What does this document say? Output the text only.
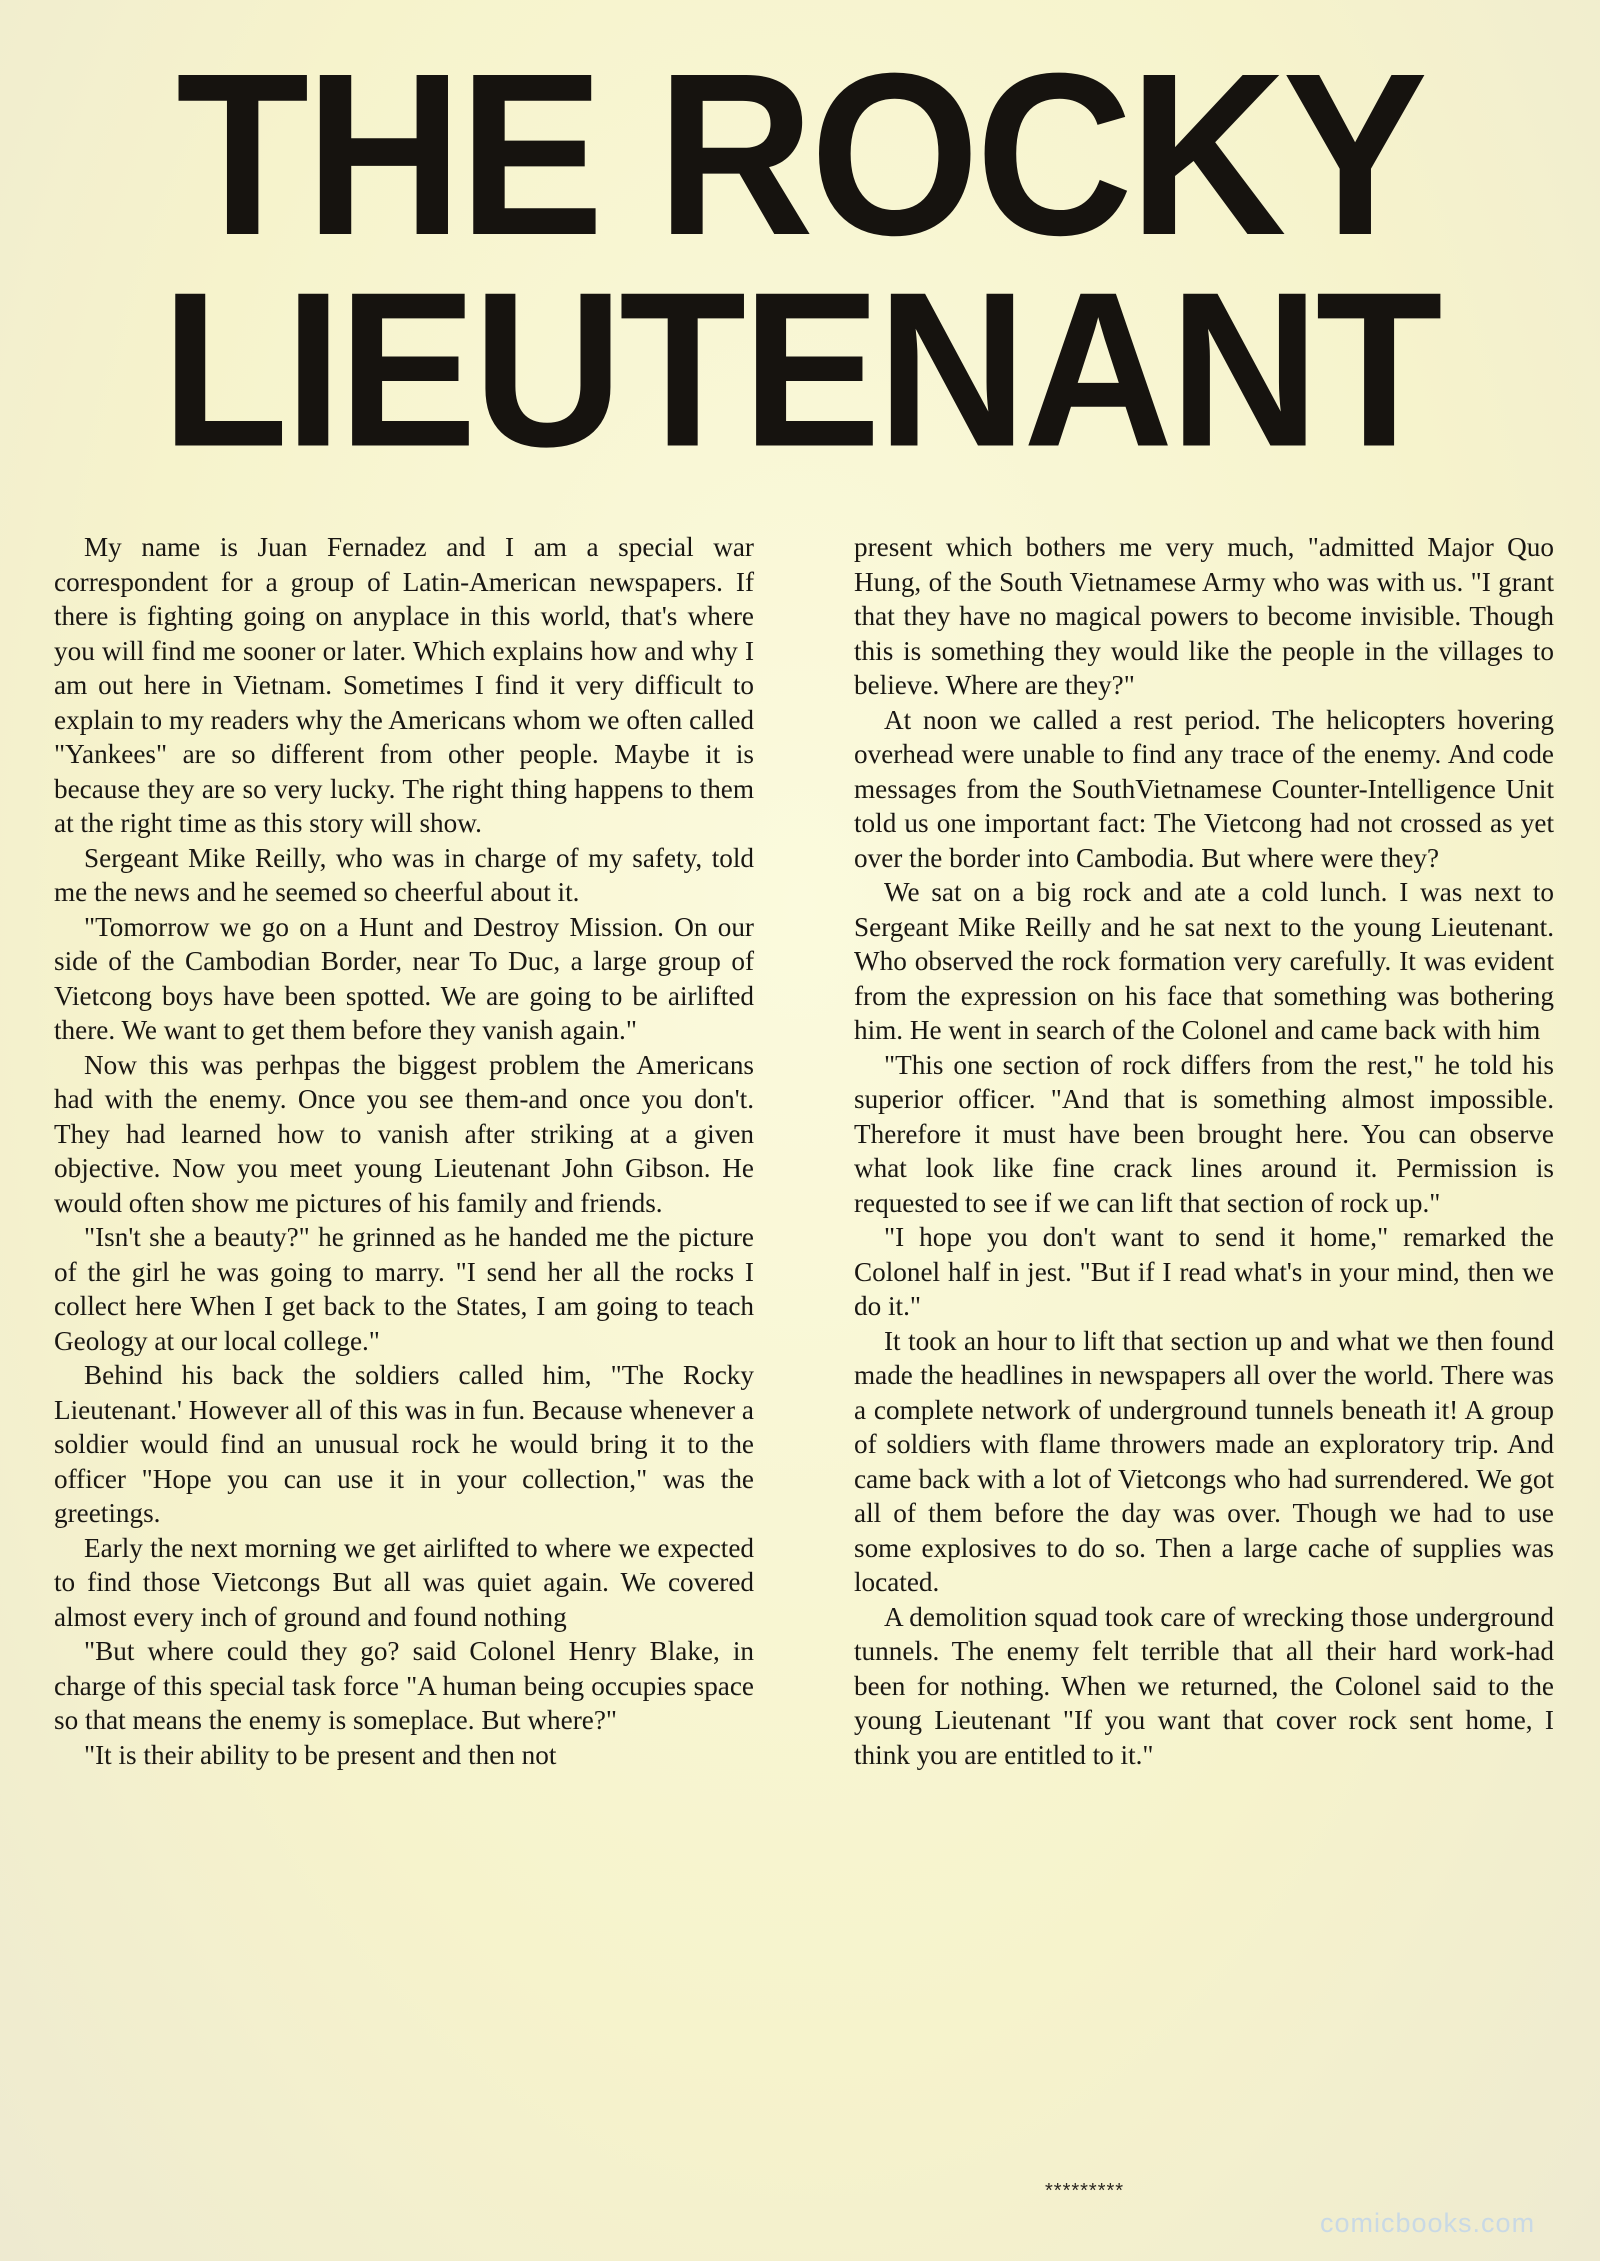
THE ROCKY
LIEUTENANT

My name is Juan Fernadez and I am a special war correspondent for a group of Latin-American newspapers. If there is fighting going on anyplace in this world, that's where you will find me sooner or later. Which explains how and why I am out here in Vietnam. Sometimes I find it very difficult to explain to my readers why the Americans whom we often called "Yankees" are so different from other people. Maybe it is because they are so very lucky. The right thing happens to them at the right time as this story will show.

Sergeant Mike Reilly, who was in charge of my safety, told me the news and he seemed so cheerful about it.

"Tomorrow we go on a Hunt and Destroy Mission. On our side of the Cambodian Border, near To Duc, a large group of Vietcong boys have been spotted. We are going to be airlifted there. We want to get them before they vanish again."

Now this was perhpas the biggest problem the Americans had with the enemy. Once you see them-and once you don't. They had learned how to vanish after striking at a given objective. Now you meet young Lieutenant John Gibson. He would often show me pictures of his family and friends.

"Isn't she a beauty?" he grinned as he handed me the picture of the girl he was going to marry. "I send her all the rocks I collect here When I get back to the States, I am going to teach Geology at our local college."

Behind his back the soldiers called him, "The Rocky Lieutenant.' However all of this was in fun. Because whenever a soldier would find an unusual rock he would bring it to the officer "Hope you can use it in your collection," was the greetings.

Early the next morning we get airlifted to where we expected to find those Vietcongs But all was quiet again. We covered almost every inch of ground and found nothing

"But where could they go? said Colonel Henry Blake, in charge of this special task force "A human being occupies space so that means the enemy is someplace. But where?"

"It is their ability to be present and then not

present which bothers me very much, "admitted Major Quo Hung, of the South Vietnamese Army who was with us. "I grant that they have no magical powers to become invisible. Though this is something they would like the people in the villages to believe. Where are they?"

At noon we called a rest period. The helicopters hovering overhead were unable to find any trace of the enemy. And code messages from the SouthVietnamese Counter-Intelligence Unit told us one important fact: The Vietcong had not crossed as yet over the border into Cambodia. But where were they?

We sat on a big rock and ate a cold lunch. I was next to Sergeant Mike Reilly and he sat next to the young Lieutenant. Who observed the rock formation very carefully. It was evident from the expression on his face that something was bothering him. He went in search of the Colonel and came back with him

"This one section of rock differs from the rest," he told his superior officer. "And that is something almost impossible. Therefore it must have been brought here. You can observe what look like fine crack lines around it. Permission is requested to see if we can lift that section of rock up."

"I hope you don't want to send it home," remarked the Colonel half in jest. "But if I read what's in your mind, then we do it."

It took an hour to lift that section up and what we then found made the headlines in newspapers all over the world. There was a complete network of underground tunnels beneath it! A group of soldiers with flame throwers made an exploratory trip. And came back with a lot of Vietcongs who had surrendered. We got all of them before the day was over. Though we had to use some explosives to do so. Then a large cache of supplies was located.

A demolition squad took care of wrecking those underground tunnels. The enemy felt terrible that all their hard work-had been for nothing. When we returned, the Colonel said to the young Lieutenant "If you want that cover rock sent home, I think you are entitled to it."

*********
comicbooks.com
